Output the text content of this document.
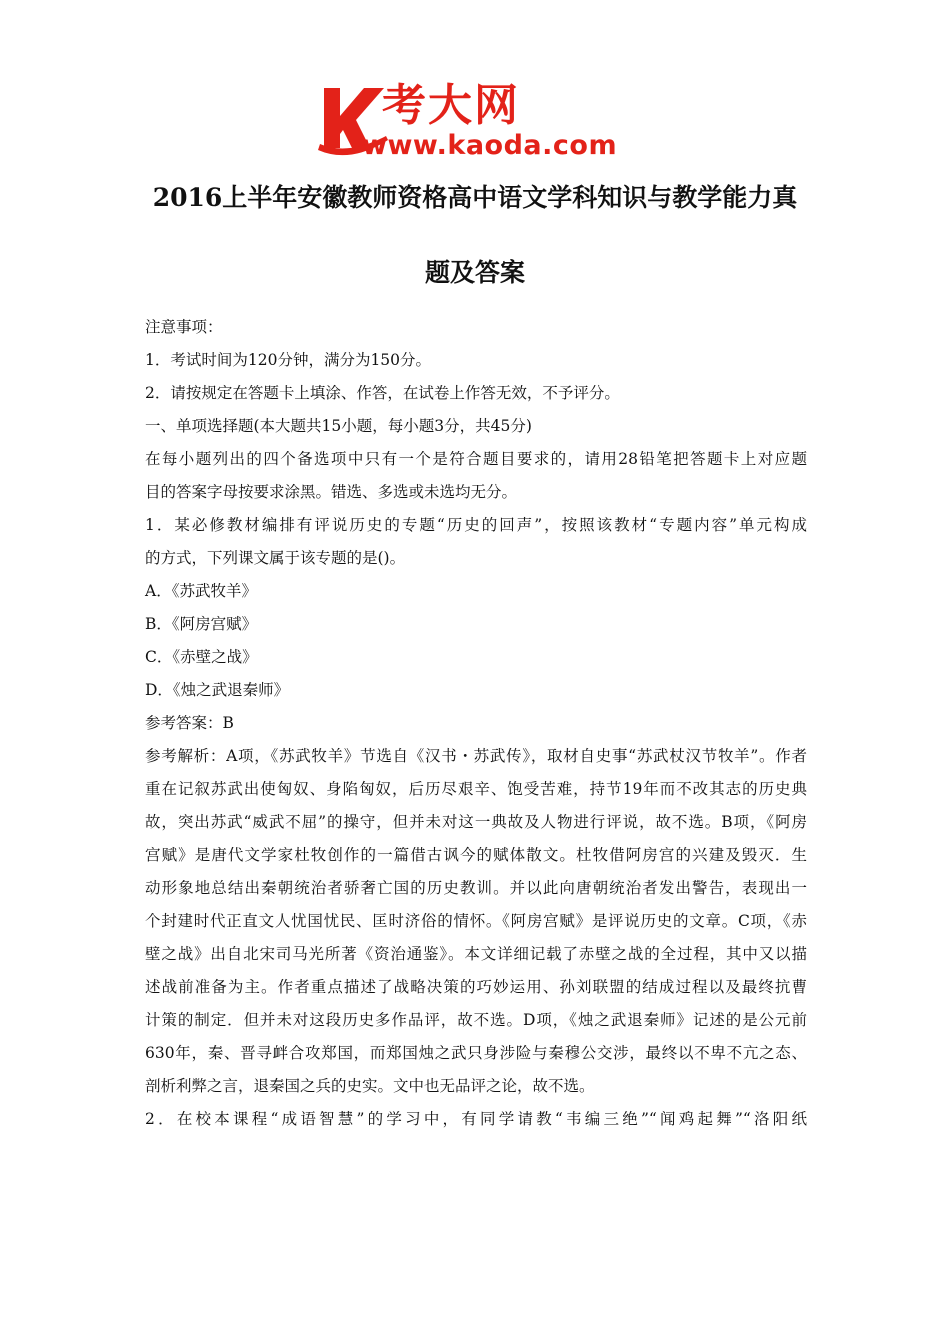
考大网
www.kaoda.com
2016上半年安徽教师资格高中语文学科知识与教学能力真
题及答案

注意事项：

1．考试时间为120分钟，满分为150分。

2．请按规定在答题卡上填涂、作答，在试卷上作答无效，不予评分。

一、单项选择题(本大题共15小题，每小题3分，共45分)

在每小题列出的四个备选项中只有一个是符合题目要求的，请用28铅笔把答题卡上对应题

目的答案字母按要求涂黑。错选、多选或未选均无分。

1．某必修教材编排有评说历史的专题“历史的回声”，按照该教材“专题内容”单元构成

的方式，下列课文属于该专题的是()。

A．《苏武牧羊》

B．《阿房宫赋》

C．《赤壁之战》

D．《烛之武退秦师》

参考答案：B

参考解析：A项，《苏武牧羊》节选自《汉书・苏武传》，取材自史事“苏武杖汉节牧羊”。作者

重在记叙苏武出使匈奴、身陷匈奴，后历尽艰辛、饱受苦难，持节19年而不改其志的历史典

故，突出苏武“威武不屈”的操守，但并未对这一典故及人物进行评说，故不选。B项，《阿房

宫赋》是唐代文学家杜牧创作的一篇借古讽今的赋体散文。杜牧借阿房宫的兴建及毁灭．生

动形象地总结出秦朝统治者骄奢亡国的历史教训。并以此向唐朝统治者发出警告，表现出一

个封建时代正直文人忧国忧民、匡时济俗的情怀。《阿房宫赋》是评说历史的文章。C项，《赤

壁之战》出自北宋司马光所著《资治通鉴》。本文详细记载了赤壁之战的全过程，其中又以描

述战前准备为主。作者重点描述了战略决策的巧妙运用、孙刘联盟的结成过程以及最终抗曹

计策的制定．但并未对这段历史多作品评，故不选。D项，《烛之武退秦师》记述的是公元前

630年，秦、晋寻衅合攻郑国，而郑国烛之武只身涉险与秦穆公交涉，最终以不卑不亢之态、

剖析利弊之言，退秦国之兵的史实。文中也无品评之论，故不选。

2．在校本课程“成语智慧”的学习中，有同学请教“韦编三绝”“闻鸡起舞”“洛阳纸
